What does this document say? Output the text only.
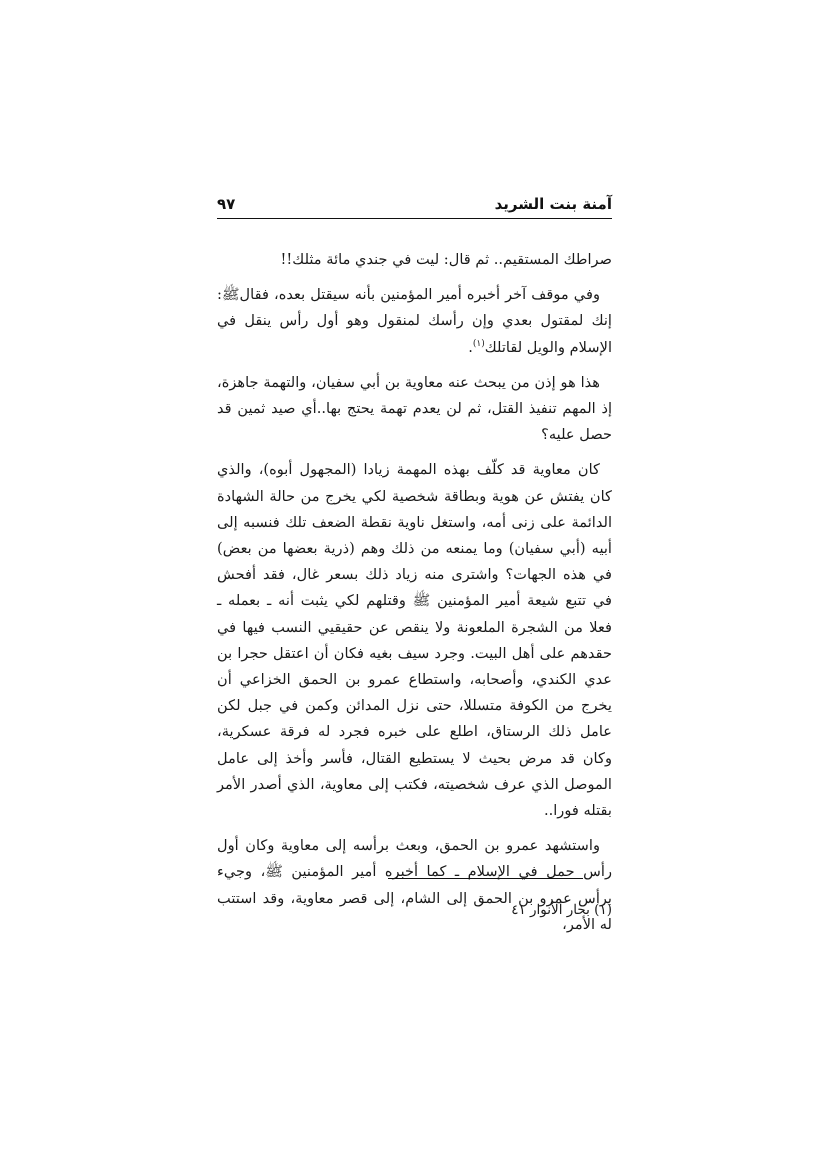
آمنة بنت الشريد
٩٧

صراطك المستقيم.. ثم قال: ليت في جندي مائة مثلك!!

وفي موقف آخر أخبره أمير المؤمنين بأنه سيقتل بعده، فقالﷺ: إنك لمقتول بعدي وإن رأسك لمنقول وهو أول رأس ينقل في الإسلام والويل لقاتلك$^{(١)}$.

هذا هو إذن من يبحث عنه معاوية بن أبي سفيان، والتهمة جاهزة، إذ المهم تنفيذ القتل، ثم لن يعدم تهمة يحتج بها..أي صيد ثمين قد حصل عليه؟

كان معاوية قد كلّف بهذه المهمة زيادا (المجهول أبوه)، والذي كان يفتش عن هوية وبطاقة شخصية لكي يخرج من حالة الشهادة الدائمة على زنى أمه، واستغل ناوية نقطة الضعف تلك فنسبه إلى أبيه (أبي سفيان) وما يمنعه من ذلك وهم (ذرية بعضها من بعض) في هذه الجهات؟ واشترى منه زياد ذلك بسعر غال، فقد أفحش في تتبع شيعة أمير المؤمنين ﷺ وقتلهم لكي يثبت أنه ـ بعمله ـ فعلا من الشجرة الملعونة ولا ينقص عن حقيقيي النسب فيها في حقدهم على أهل البيت. وجرد سيف بغيه فكان أن اعتقل حجرا بن عدي الكندي، وأصحابه، واستطاع عمرو بن الحمق الخزاعي أن يخرج من الكوفة متسللا، حتى نزل المدائن وكمن في جبل لكن عامل ذلك الرستاق، اطلع على خبره فجرد له فرقة عسكرية، وكان قد مرض بحيث لا يستطيع القتال، فأسر وأخذ إلى عامل الموصل الذي عرف شخصيته، فكتب إلى معاوية، الذي أصدر الأمر بقتله فورا..

واستشهد عمرو بن الحمق، وبعث برأسه إلى معاوية وكان أول رأس حمل في الإسلام ـ كما أخبره أمير المؤمنين ﷺ، وجيء برأس عمرو بن الحمق إلى الشام، إلى قصر معاوية، وقد استتب له الأمر،

(١) بحار الأنوار ٤١
